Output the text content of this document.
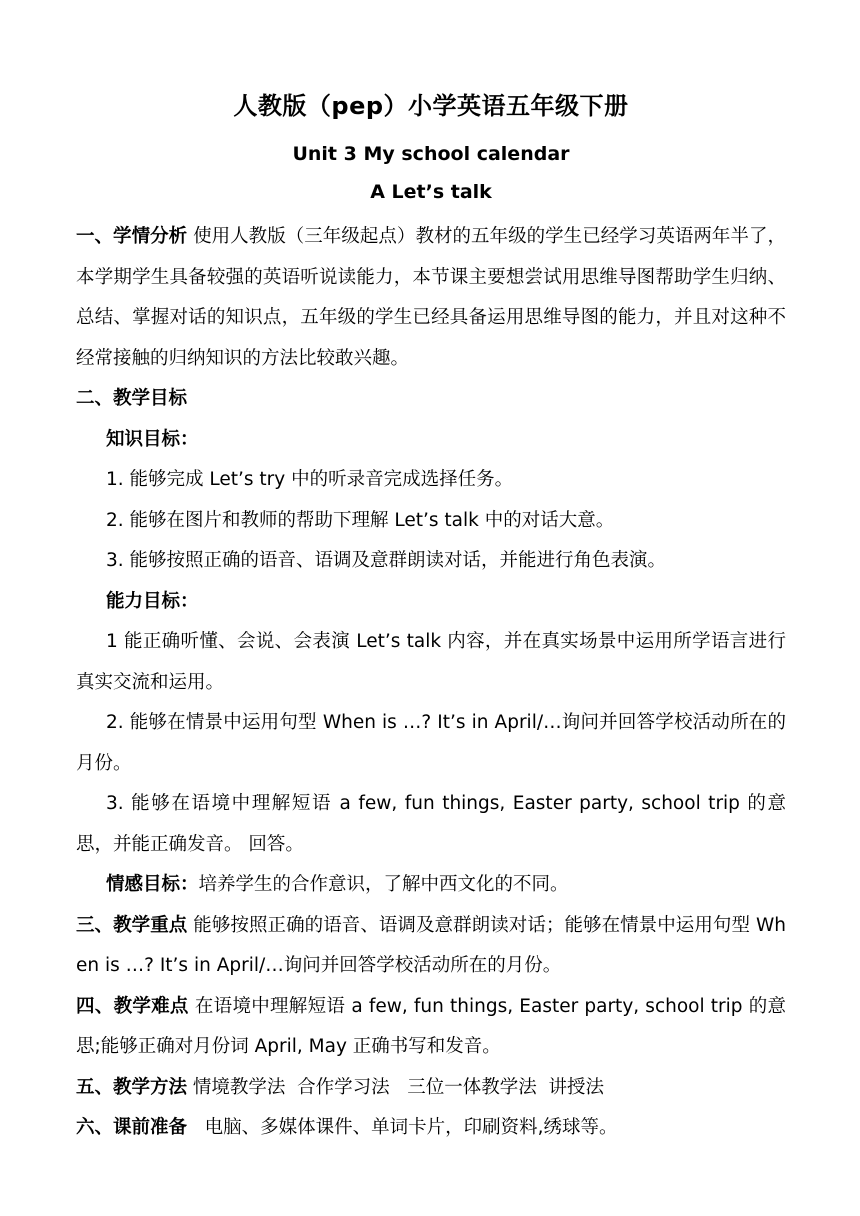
人教版（pep）小学英语五年级下册
Unit 3 My school calendar
A Let’s talk

一、学情分析 使用人教版（三年级起点）教材的五年级的学生已经学习英语两年半了，本学期学生具备较强的英语听说读能力，本节课主要想尝试用思维导图帮助学生归纳、总结、掌握对话的知识点，五年级的学生已经具备运用思维导图的能力，并且对这种不经常接触的归纳知识的方法比较敢兴趣。

二、教学目标

知识目标：

1. 能够完成 Let’s try 中的听录音完成选择任务。

2. 能够在图片和教师的帮助下理解 Let’s talk 中的对话大意。

3. 能够按照正确的语音、语调及意群朗读对话，并能进行角色表演。

能力目标：

1 能正确听懂、会说、会表演 Let’s talk 内容，并在真实场景中运用所学语言进行真实交流和运用。

2. 能够在情景中运用句型 When is …? It’s in April/…询问并回答学校活动所在的月份。

3. 能够在语境中理解短语 a few, fun things, Easter party, school trip 的意思，并能正确发音。 回答。

情感目标：培养学生的合作意识，了解中西文化的不同。

三、教学重点 能够按照正确的语音、语调及意群朗读对话；能够在情景中运用句型 When is …? It’s in April/…询问并回答学校活动所在的月份。

四、教学难点 在语境中理解短语 a few, fun things, Easter party, school trip 的意思;能够正确对月份词 April, May 正确书写和发音。

五、教学方法 情境教学法  合作学习法   三位一体教学法  讲授法

六、课前准备   电脑、多媒体课件、单词卡片，印刷资料,绣球等。
